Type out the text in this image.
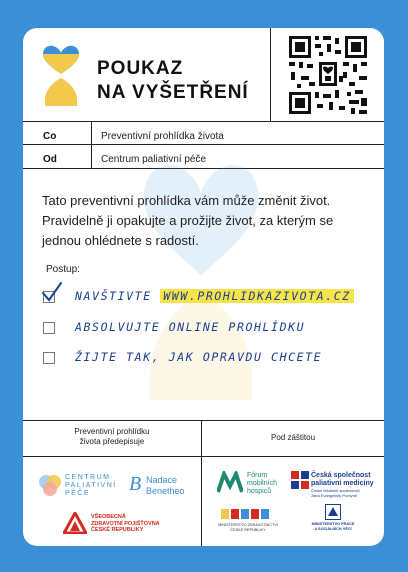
POUKAZ
NA VYŠETŘENÍ
Co	Preventivní prohlídka života
Od	Centrum paliativní péče
Tato preventivní prohlídka vám může změnit život.
Pravidelně ji opakujte a prožijte život, za kterým se
jednou ohlédnete s radostí.
Postup:
NAVŠTIVTE WWW.PROHLIDKAZIVOTA.CZ
ABSOLVUJTE ONLINE PROHLÍDKU
ŽIJTE TAK, JAK OPRAVDU CHCETE
Preventivní prohlídku
života předepisuje	Pod záštitou
CENTRUM
PALIATIVNÍ
PÉČE	B Nadace
Benetheo
VŠEOBECNÁ
ZDRAVOTNÍ POJIŠŤOVNA
ČESKÉ REPUBLIKY
Fórum
mobilních
hospiců
Česká společnost
paliativní medicíny
České lékařské společnosti
Jana Evangelisty Purkyně
MINISTERSTVO ZDRAVOTNICTVÍ
ČESKÉ REPUBLIKY
MINISTERSTVO PRÁCE
A SOCIÁLNÍCH VĚCÍ
